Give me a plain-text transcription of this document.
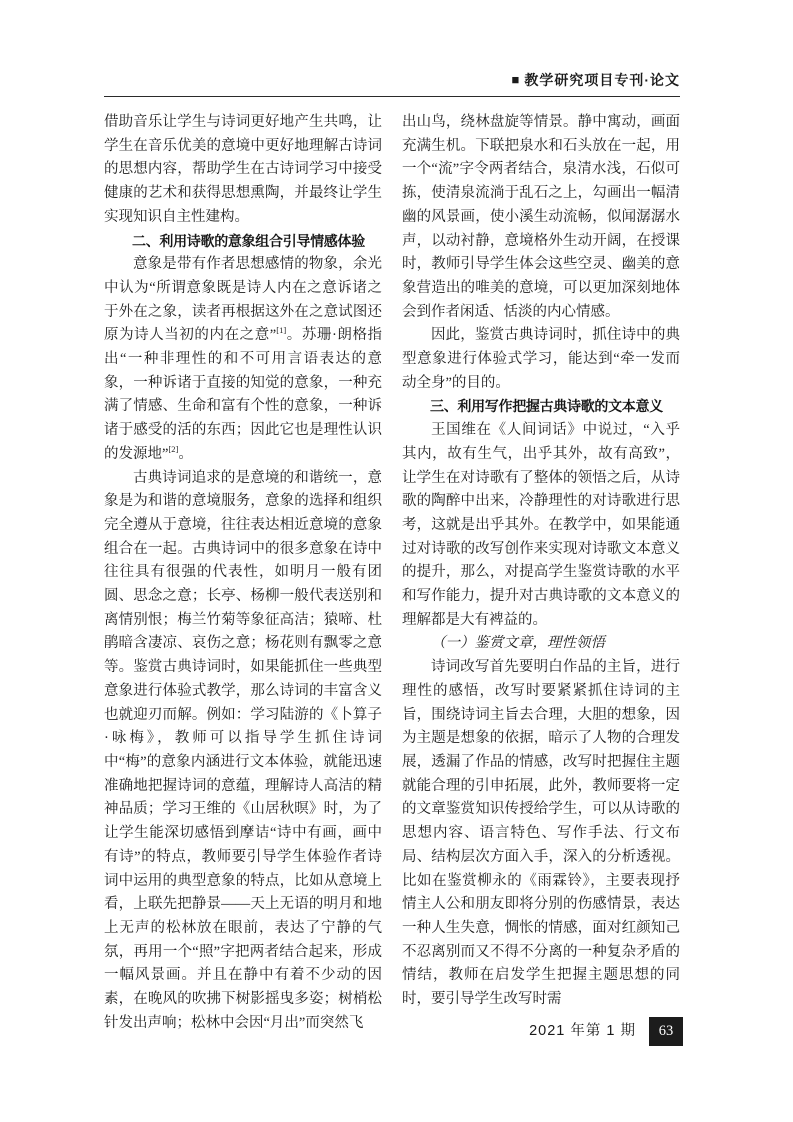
■ 教学研究项目专刊·论文

借助音乐让学生与诗词更好地产生共鸣，让学生在音乐优美的意境中更好地理解古诗词的思想内容，帮助学生在古诗词学习中接受健康的艺术和获得思想熏陶，并最终让学生实现知识自主性建构。

二、利用诗歌的意象组合引导情感体验

意象是带有作者思想感情的物象，余光中认为“所谓意象既是诗人内在之意诉诸之于外在之象，读者再根据这外在之意试图还原为诗人当初的内在之意”[1]。苏珊·朗格指出“一种非理性的和不可用言语表达的意象，一种诉诸于直接的知觉的意象，一种充满了情感、生命和富有个性的意象，一种诉诸于感受的活的东西；因此它也是理性认识的发源地”[2]。

古典诗词追求的是意境的和谐统一，意象是为和谐的意境服务，意象的选择和组织完全遵从于意境，往往表达相近意境的意象组合在一起。古典诗词中的很多意象在诗中往往具有很强的代表性，如明月一般有团圆、思念之意；长亭、杨柳一般代表送别和离情别恨；梅兰竹菊等象征高洁；猿啼、杜鹃暗含凄凉、哀伤之意；杨花则有飘零之意等。鉴赏古典诗词时，如果能抓住一些典型意象进行体验式教学，那么诗词的丰富含义也就迎刃而解。例如：学习陆游的《卜算子·咏梅》，教师可以指导学生抓住诗词中“梅”的意象内涵进行文本体验，就能迅速准确地把握诗词的意蕴，理解诗人高洁的精神品质；学习王维的《山居秋暝》时，为了让学生能深切感悟到摩诘“诗中有画，画中有诗”的特点，教师要引导学生体验作者诗词中运用的典型意象的特点，比如从意境上看，上联先把静景——天上无语的明月和地上无声的松林放在眼前，表达了宁静的气氛，再用一个“照”字把两者结合起来，形成一幅风景画。并且在静中有着不少动的因素，在晚风的吹拂下树影摇曳多姿；树梢松针发出声响；松林中会因“月出”而突然飞

出山鸟，绕林盘旋等情景。静中寓动，画面充满生机。下联把泉水和石头放在一起，用一个“流”字令两者结合，泉清水浅，石似可拣，使清泉流淌于乱石之上，勾画出一幅清幽的风景画，使小溪生动流畅，似闻潺潺水声，以动衬静，意境格外生动开阔，在授课时，教师引导学生体会这些空灵、幽美的意象营造出的唯美的意境，可以更加深刻地体会到作者闲适、恬淡的内心情感。

因此，鉴赏古典诗词时，抓住诗中的典型意象进行体验式学习，能达到“牵一发而动全身”的目的。

三、利用写作把握古典诗歌的文本意义

王国维在《人间词话》中说过，“入乎其内，故有生气，出乎其外，故有高致”，让学生在对诗歌有了整体的领悟之后，从诗歌的陶醉中出来，冷静理性的对诗歌进行思考，这就是出乎其外。在教学中，如果能通过对诗歌的改写创作来实现对诗歌文本意义的提升，那么，对提高学生鉴赏诗歌的水平和写作能力，提升对古典诗歌的文本意义的理解都是大有裨益的。

（一）鉴赏文章，理性领悟

诗词改写首先要明白作品的主旨，进行理性的感悟，改写时要紧紧抓住诗词的主旨，围绕诗词主旨去合理，大胆的想象，因为主题是想象的依据，暗示了人物的合理发展，透漏了作品的情感，改写时把握住主题就能合理的引申拓展，此外，教师要将一定的文章鉴赏知识传授给学生，可以从诗歌的思想内容、语言特色、写作手法、行文布局、结构层次方面入手，深入的分析透视。比如在鉴赏柳永的《雨霖铃》，主要表现抒情主人公和朋友即将分别的伤感情景，表达一种人生失意，惆怅的情感，面对红颜知己不忍离别而又不得不分离的一种复杂矛盾的情结，教师在启发学生把握主题思想的同时，要引导学生改写时需

2021 年第 1 期	63
